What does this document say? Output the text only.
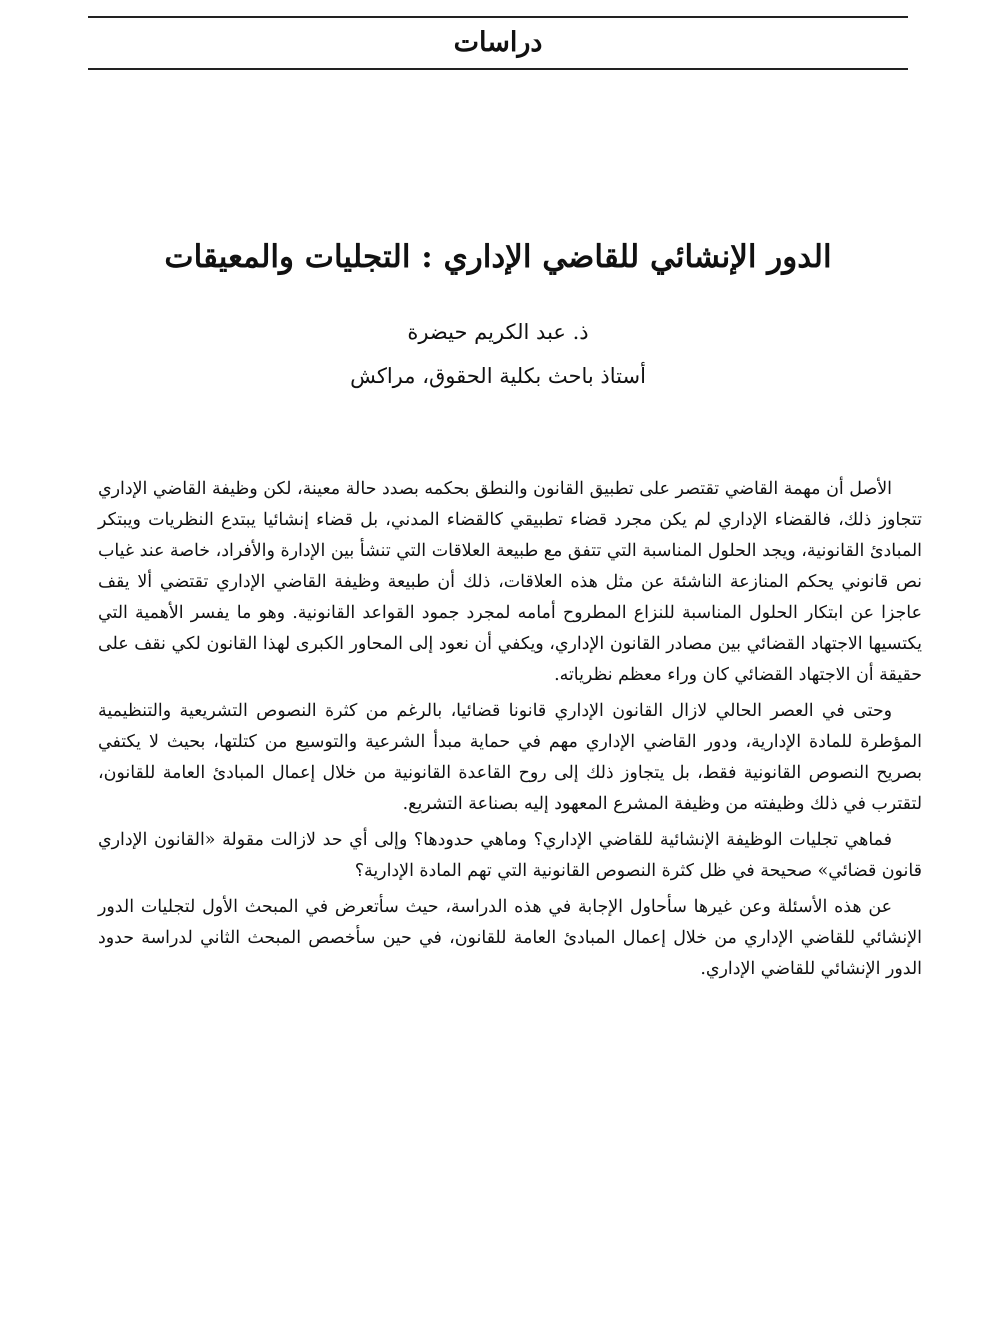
دراسات
الدور الإنشائي للقاضي الإداري : التجليات والمعيقات
ذ. عبد الكريم حيضرة
أستاذ باحث بكلية الحقوق، مراكش

الأصل أن مهمة القاضي تقتصر على تطبيق القانون والنطق بحكمه بصدد حالة معينة، لكن وظيفة القاضي الإداري تتجاوز ذلك، فالقضاء الإداري لم يكن مجرد قضاء تطبيقي كالقضاء المدني، بل قضاء إنشائيا يبتدع النظريات ويبتكر المبادئ القانونية، ويجد الحلول المناسبة التي تتفق مع طبيعة العلاقات التي تنشأ بين الإدارة والأفراد، خاصة عند غياب نص قانوني يحكم المنازعة الناشئة عن مثل هذه العلاقات، ذلك أن طبيعة وظيفة القاضي الإداري تقتضي ألا يقف عاجزا عن ابتكار الحلول المناسبة للنزاع المطروح أمامه لمجرد جمود القواعد القانونية. وهو ما يفسر الأهمية التي يكتسيها الاجتهاد القضائي بين مصادر القانون الإداري، ويكفي أن نعود إلى المحاور الكبرى لهذا القانون لكي نقف على حقيقة أن الاجتهاد القضائي كان وراء معظم نظرياته.

وحتى في العصر الحالي لازال القانون الإداري قانونا قضائيا، بالرغم من كثرة النصوص التشريعية والتنظيمية المؤطرة للمادة الإدارية، ودور القاضي الإداري مهم في حماية مبدأ الشرعية والتوسيع من كتلتها، بحيث لا يكتفي بصريح النصوص القانونية فقط، بل يتجاوز ذلك إلى روح القاعدة القانونية من خلال إعمال المبادئ العامة للقانون، لتقترب في ذلك وظيفته من وظيفة المشرع المعهود إليه بصناعة التشريع.

فماهي تجليات الوظيفة الإنشائية للقاضي الإداري؟ وماهي حدودها؟ وإلى أي حد لازالت مقولة «القانون الإداري قانون قضائي» صحيحة في ظل كثرة النصوص القانونية التي تهم المادة الإدارية؟

عن هذه الأسئلة وعن غيرها سأحاول الإجابة في هذه الدراسة، حيث سأتعرض في المبحث الأول لتجليات الدور الإنشائي للقاضي الإداري من خلال إعمال المبادئ العامة للقانون، في حين سأخصص المبحث الثاني لدراسة حدود الدور الإنشائي للقاضي الإداري.
